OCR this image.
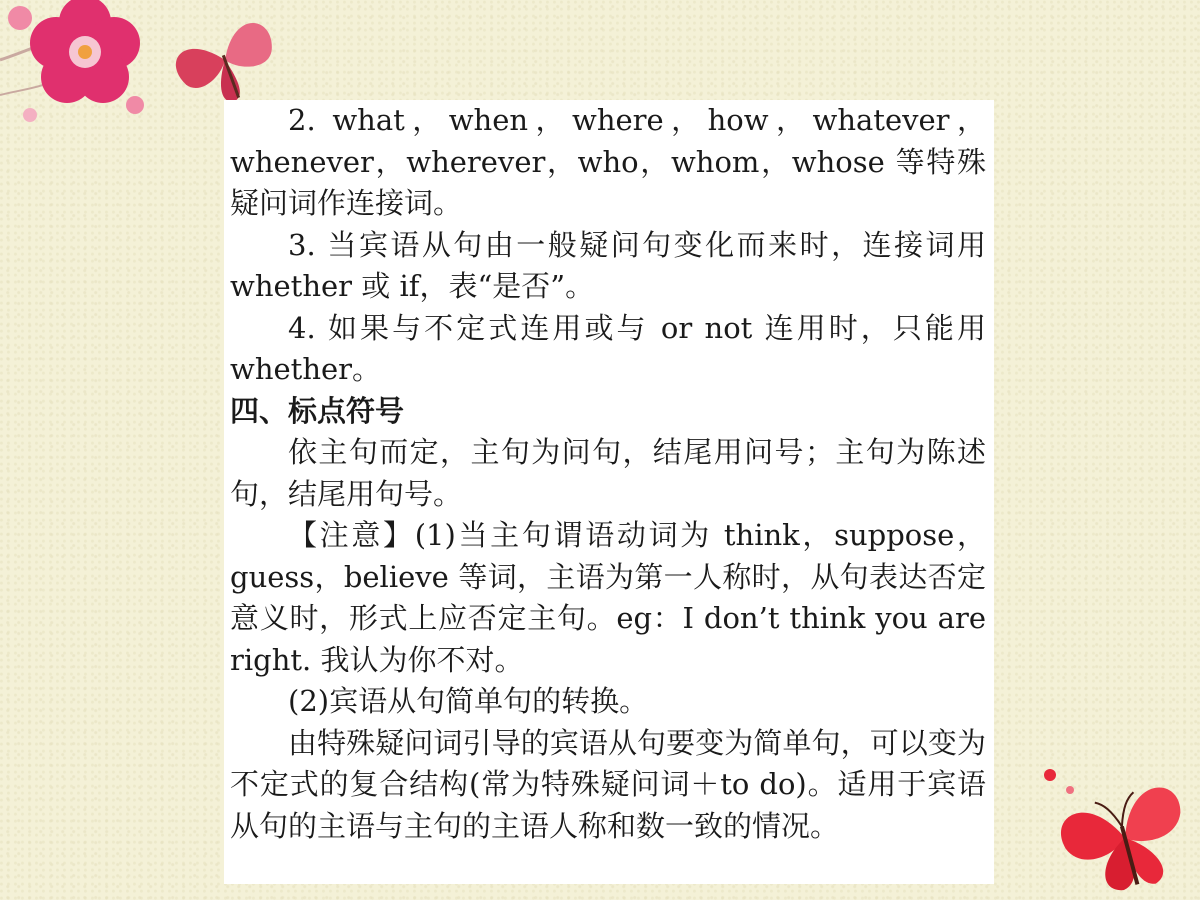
2. what，when，where，how，whatever，whenever，wherever，who，whom，whose 等特殊疑问词作连接词。

3. 当宾语从句由一般疑问句变化而来时，连接词用 whether 或 if，表“是否”。

4. 如果与不定式连用或与 or not 连用时，只能用 whether。

四、标点符号

依主句而定，主句为问句，结尾用问号；主句为陈述句，结尾用句号。

【注意】(1)当主句谓语动词为 think，suppose，guess，believe 等词，主语为第一人称时，从句表达否定意义时，形式上应否定主句。eg：I don’t think you are right. 我认为你不对。

(2)宾语从句简单句的转换。

由特殊疑问词引导的宾语从句要变为简单句，可以变为不定式的复合结构(常为特殊疑问词＋to do)。适用于宾语从句的主语与主句的主语人称和数一致的情况。
